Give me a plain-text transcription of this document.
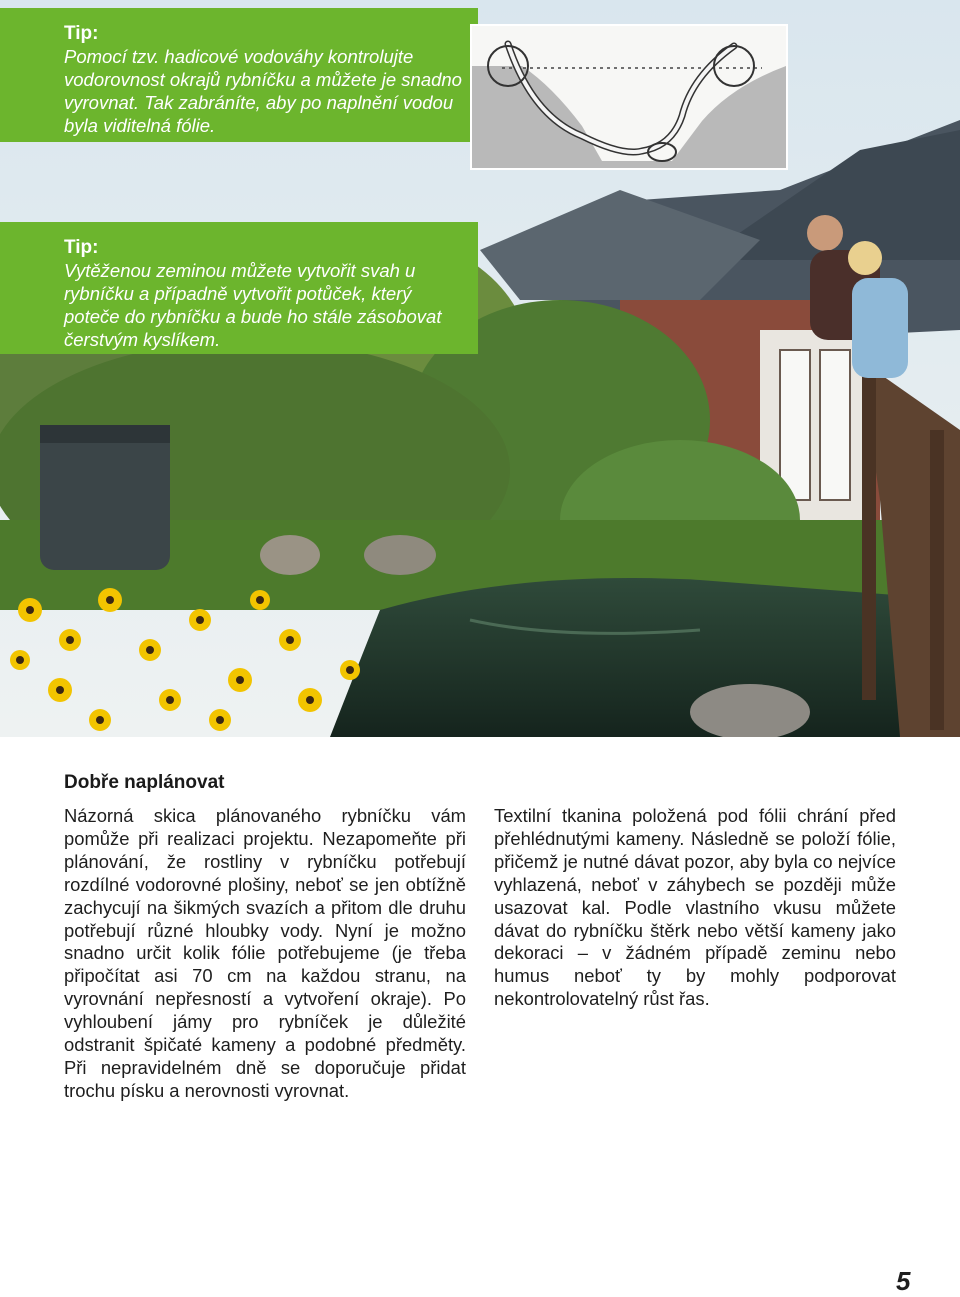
Tip:
Pomocí tzv. hadicové vodováhy kontrolujte vodorovnost okrajů rybníčku a můžete je snadno vyrovnat. Tak zabráníte, aby po naplnění vodou byla viditelná fólie.
Tip:
Vytěženou zeminou můžete vytvořit svah u rybníčku a případně vytvořit potůček, který poteče do rybníčku a bude ho stále zásobovat čerstvým kyslíkem.
Dobře naplánovat
Názorná skica plánovaného rybníčku vám pomůže při realizaci projektu. Nezapomeňte při plánování, že rostliny v rybníčku potřebují rozdílné vodorovné plošiny, neboť se jen obtížně zachycují na šikmých svazích a přitom dle druhu potřebují různé hloubky vody. Nyní je možno snadno určit kolik fólie potřebujeme (je třeba připočítat asi 70 cm na každou stranu, na vyrovnání nepřesností a vytvoření okraje). Po vyhloubení jámy pro rybníček je důležité odstranit špičaté kameny a podobné předměty. Při nepravidelném dně se doporučuje přidat trochu písku a nerovnosti vyrovnat.
Textilní tkanina položená pod fólii chrání před přehlédnutými kameny. Následně se položí fólie, přičemž je nutné dávat pozor, aby byla co nejvíce vyhlazená, neboť v záhybech se později může usazovat kal. Podle vlastního vkusu můžete dávat do rybníčku štěrk nebo větší kameny jako dekoraci – v žádném případě zeminu nebo humus neboť ty by mohly podporovat nekontrolovatelný růst řas.
5
